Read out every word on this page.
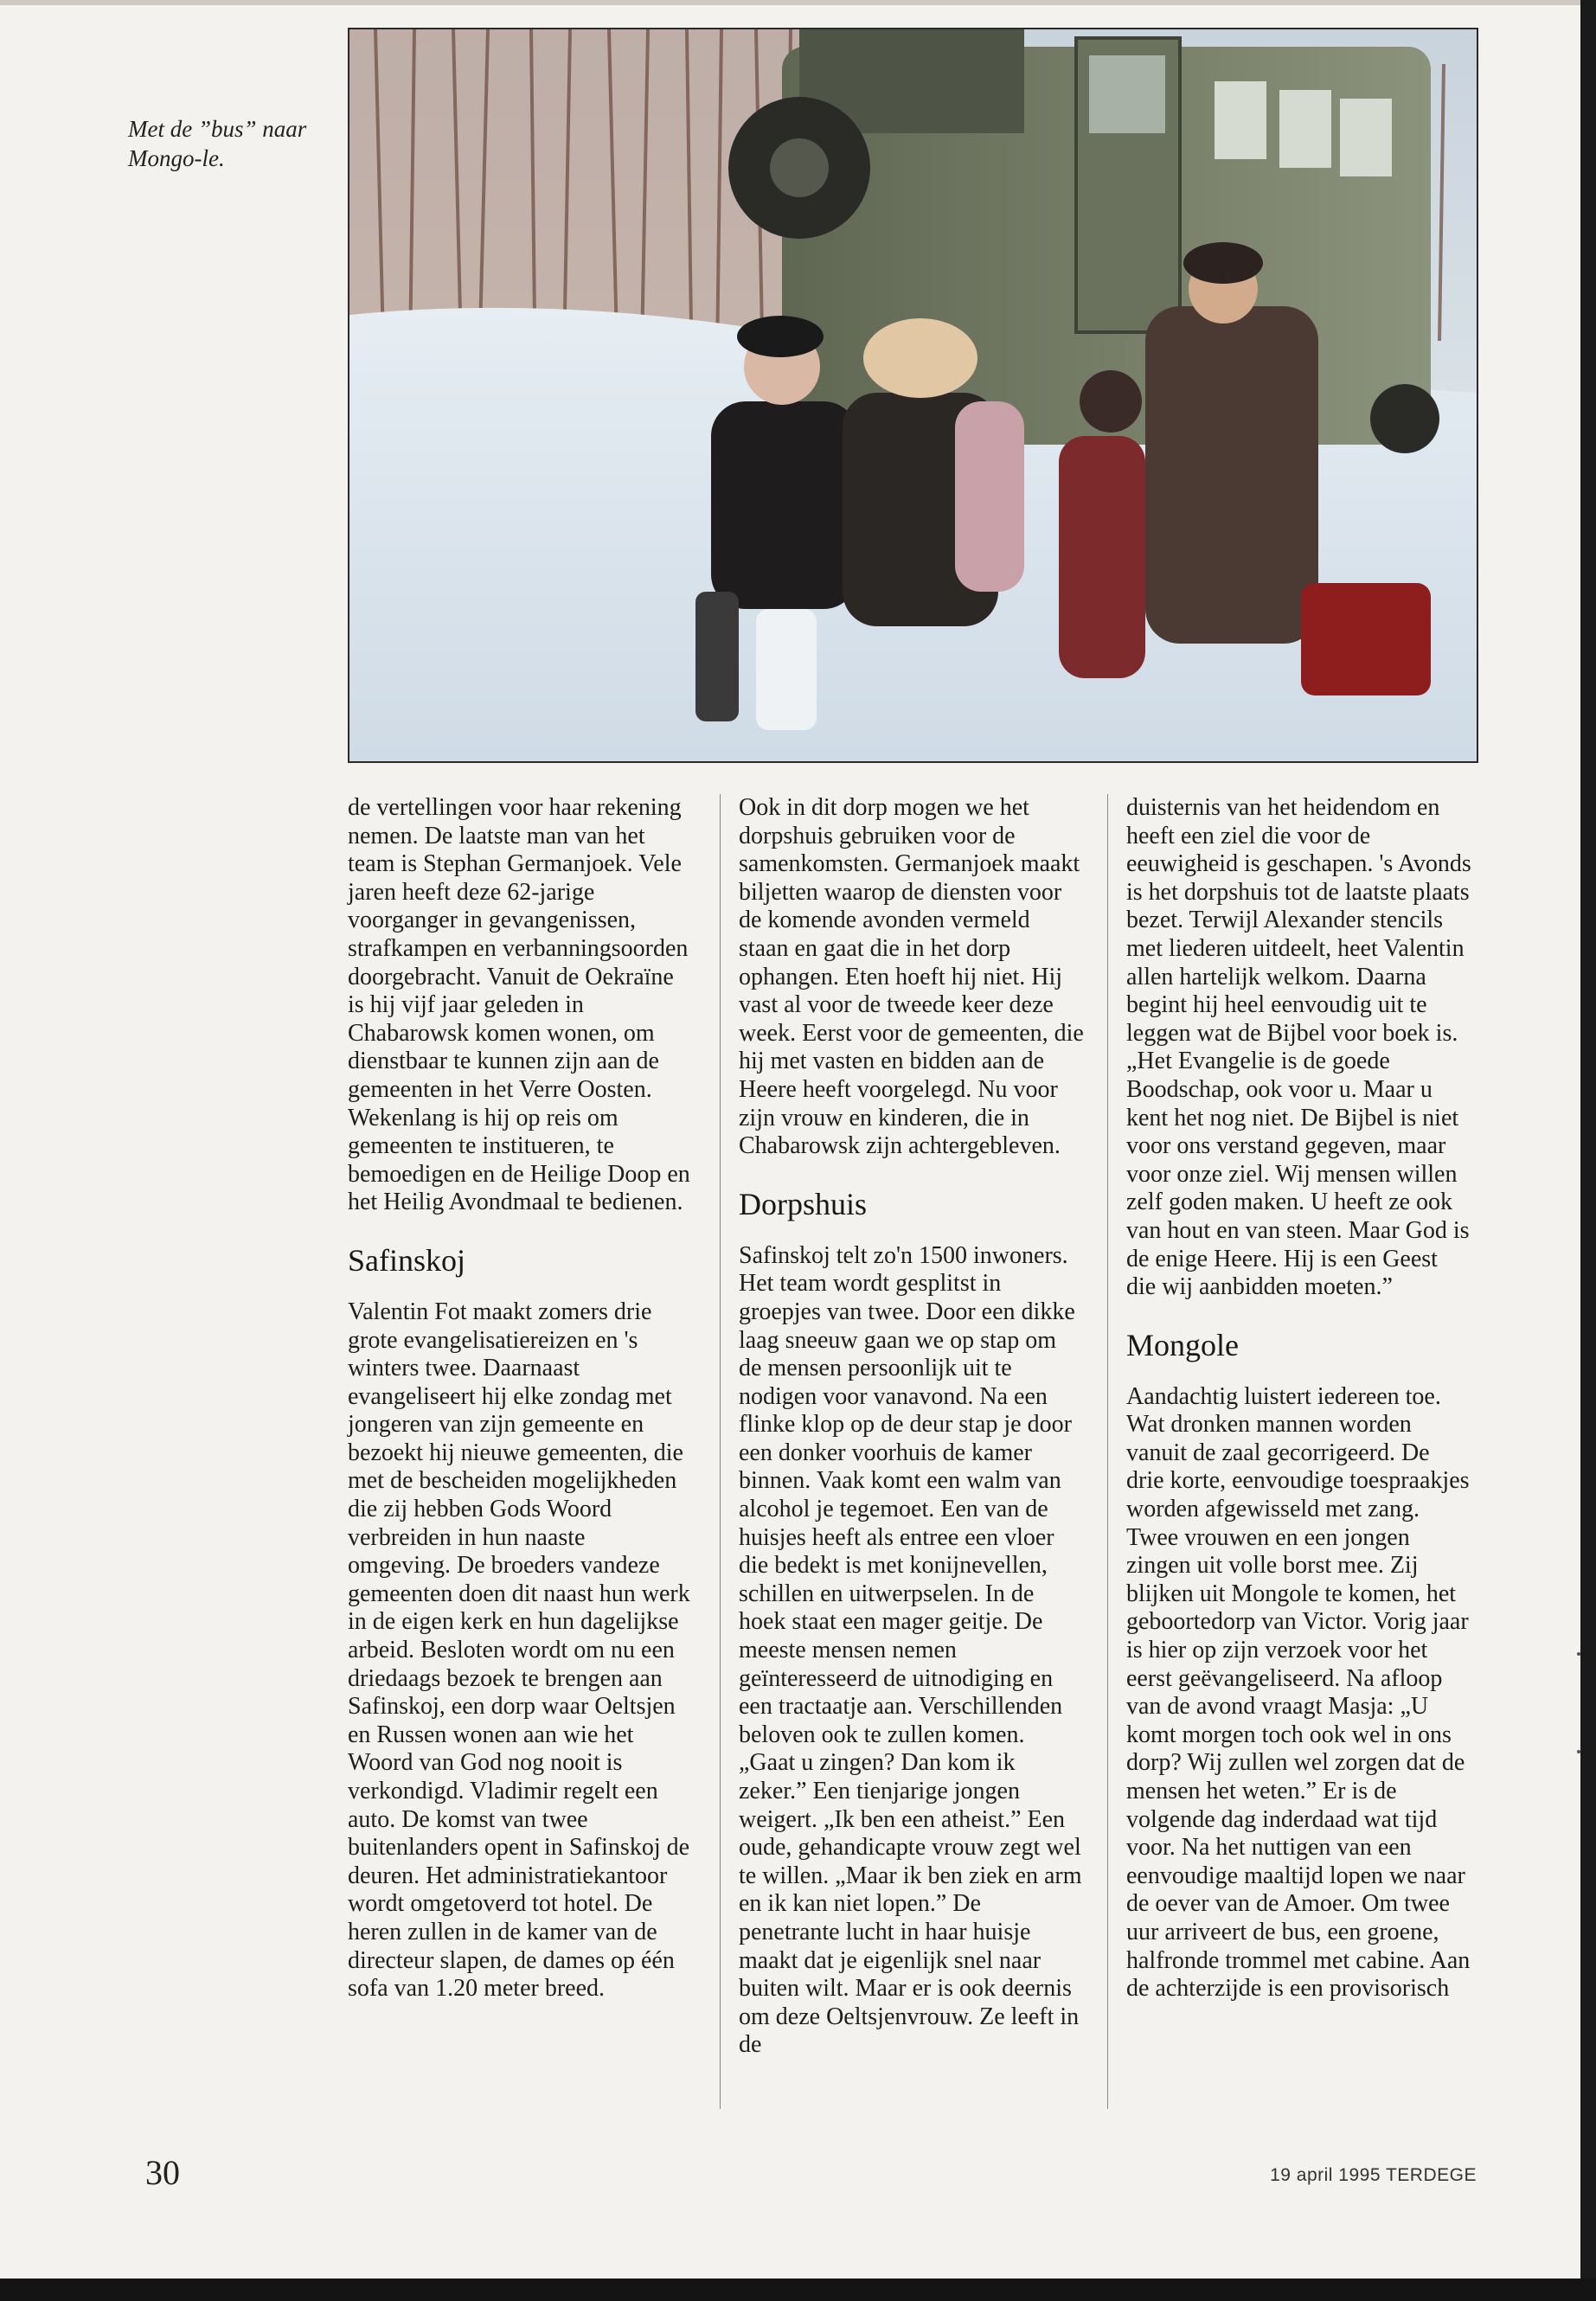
Met de ”bus” naar Mongo-le.

de vertellingen voor haar rekening nemen. De laatste man van het team is Stephan Germanjoek. Vele jaren heeft deze 62-jarige voorganger in gevangenissen, strafkampen en verbanningsoorden doorgebracht. Vanuit de Oekraïne is hij vijf jaar geleden in Chabarowsk komen wonen, om dienstbaar te kunnen zijn aan de gemeenten in het Verre Oosten. Wekenlang is hij op reis om gemeenten te institueren, te bemoedigen en de Heilige Doop en het Heilig Avondmaal te bedienen.

Safinskoj

Valentin Fot maakt zomers drie grote evangelisatiereizen en 's winters twee. Daarnaast evangeliseert hij elke zondag met jongeren van zijn gemeente en bezoekt hij nieuwe gemeenten, die met de bescheiden mogelijkheden die zij hebben Gods Woord verbreiden in hun naaste omgeving. De broeders vandeze gemeenten doen dit naast hun werk in de eigen kerk en hun dagelijkse arbeid. Besloten wordt om nu een driedaags bezoek te brengen aan Safinskoj, een dorp waar Oeltsjen en Russen wonen aan wie het Woord van God nog nooit is verkondigd. Vladimir regelt een auto. De komst van twee buitenlanders opent in Safinskoj de deuren. Het administratiekantoor wordt omgetoverd tot hotel. De heren zullen in de kamer van de directeur slapen, de dames op één sofa van 1.20 meter breed.

Ook in dit dorp mogen we het dorpshuis gebruiken voor de samenkomsten. Germanjoek maakt biljetten waarop de diensten voor de komende avonden vermeld staan en gaat die in het dorp ophangen. Eten hoeft hij niet. Hij vast al voor de tweede keer deze week. Eerst voor de gemeenten, die hij met vasten en bidden aan de Heere heeft voorgelegd. Nu voor zijn vrouw en kinderen, die in Chabarowsk zijn achtergebleven.

Dorpshuis

Safinskoj telt zo'n 1500 inwoners. Het team wordt gesplitst in groepjes van twee. Door een dikke laag sneeuw gaan we op stap om de mensen persoonlijk uit te nodigen voor vanavond. Na een flinke klop op de deur stap je door een donker voorhuis de kamer binnen. Vaak komt een walm van alcohol je tegemoet. Een van de huisjes heeft als entree een vloer die bedekt is met konijnevellen, schillen en uitwerpselen. In de hoek staat een mager geitje. De meeste mensen nemen geïnteresseerd de uitnodiging en een tractaatje aan. Verschillenden beloven ook te zullen komen. „Gaat u zingen? Dan kom ik zeker.” Een tienjarige jongen weigert. „Ik ben een atheist.” Een oude, gehandicapte vrouw zegt wel te willen. „Maar ik ben ziek en arm en ik kan niet lopen.” De penetrante lucht in haar huisje maakt dat je eigenlijk snel naar buiten wilt. Maar er is ook deernis om deze Oeltsjenvrouw. Ze leeft in de

duisternis van het heidendom en heeft een ziel die voor de eeuwigheid is geschapen. 's Avonds is het dorpshuis tot de laatste plaats bezet. Terwijl Alexander stencils met liederen uitdeelt, heet Valentin allen hartelijk welkom. Daarna begint hij heel eenvoudig uit te leggen wat de Bijbel voor boek is. „Het Evangelie is de goede Boodschap, ook voor u. Maar u kent het nog niet. De Bijbel is niet voor ons verstand gegeven, maar voor onze ziel. Wij mensen willen zelf goden maken. U heeft ze ook van hout en van steen. Maar God is de enige Heere. Hij is een Geest die wij aanbidden moeten.”

Mongole

Aandachtig luistert iedereen toe. Wat dronken mannen worden vanuit de zaal gecorrigeerd. De drie korte, eenvoudige toespraakjes worden afgewisseld met zang. Twee vrouwen en een jongen zingen uit volle borst mee. Zij blijken uit Mongole te komen, het geboortedorp van Victor. Vorig jaar is hier op zijn verzoek voor het eerst geëvangeliseerd. Na afloop van de avond vraagt Masja: „U komt morgen toch ook wel in ons dorp? Wij zullen wel zorgen dat de mensen het weten.” Er is de volgende dag inderdaad wat tijd voor. Na het nuttigen van een eenvoudige maaltijd lopen we naar de oever van de Amoer. Om twee uur arriveert de bus, een groene, halfronde trommel met cabine. Aan de achterzijde is een provisorisch

30	19 april 1995 TERDEGE
